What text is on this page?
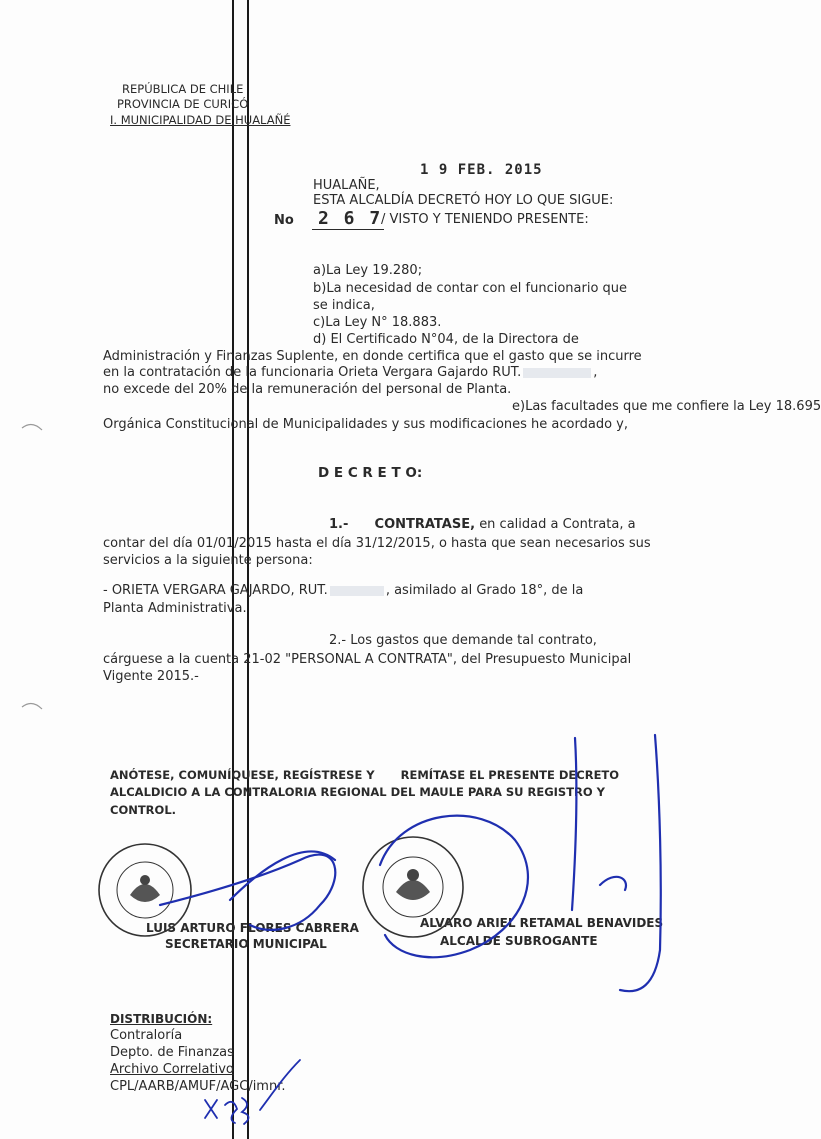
REPÚBLICA DE CHILE
PROVINCIA DE CURICÓ
I. MUNICIPALIDAD DE HUALAÑÉ
1 9 FEB. 2015
HUALAÑE,
ESTA ALCALDÍA DECRETÓ HOY LO QUE SIGUE:
No 2 6 7
/ VISTO Y TENIENDO PRESENTE:
a)La Ley 19.280;
b)La necesidad de contar con el funcionario que
se indica,
c)La Ley N° 18.883.
d) El Certificado N°04, de la Directora de
Administración y Finanzas Suplente, en donde certifica que el gasto que se incurre
en la contratación de la funcionaria Orieta Vergara Gajardo RUT.	,
no excede del 20% de la remuneración del personal de Planta.
e)Las facultades que me confiere la Ley 18.695
Orgánica Constitucional de Municipalidades y sus modificaciones he acordado y,
D E C R E T O:
1.- CONTRATASE, en calidad a Contrata, a
contar del día 01/01/2015 hasta el día 31/12/2015, o hasta que sean necesarios sus
servicios a la siguiente persona:
- ORIETA VERGARA GAJARDO, RUT.	, asimilado al Grado 18°, de la
Planta Administrativa.
2.- Los gastos que demande tal contrato,
cárguese a la cuenta 21-02 "PERSONAL A CONTRATA", del Presupuesto Municipal
Vigente 2015.-
ANÓTESE, COMUNÍQUESE, REGÍSTRESE Y REMÍTASE EL PRESENTE DECRETO
ALCALDICIO A LA CONTRALORIA REGIONAL DEL MAULE PARA SU REGISTRO Y
CONTROL.
LUIS ARTURO FLORES CABRERA
SECRETARIO MUNICIPAL
ALVARO ARIEL RETAMAL BENAVIDES
ALCALDE SUBROGANTE
DISTRIBUCIÓN:
Contraloría
Depto. de Finanzas
Archivo Correlativo
CPL/AARB/AMUF/AGC/imnr.
